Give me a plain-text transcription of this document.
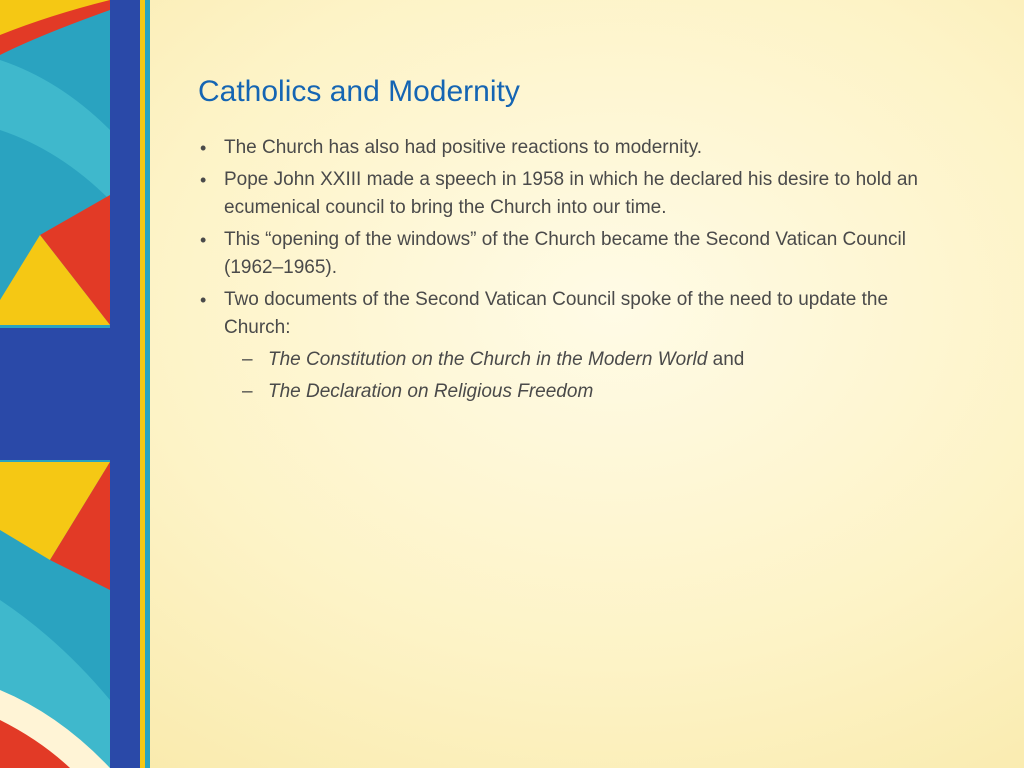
Catholics and Modernity
• The Church has also had positive reactions to modernity.
• Pope John XXIII made a speech in 1958 in which he declared his desire to hold an ecumenical council to bring the Church into our time.
• This “opening of the windows” of the Church became the Second Vatican Council (1962–1965).
• Two documents of the Second Vatican Council spoke of the need to update the Church:
– The Constitution on the Church in the Modern World and
– The Declaration on Religious Freedom
